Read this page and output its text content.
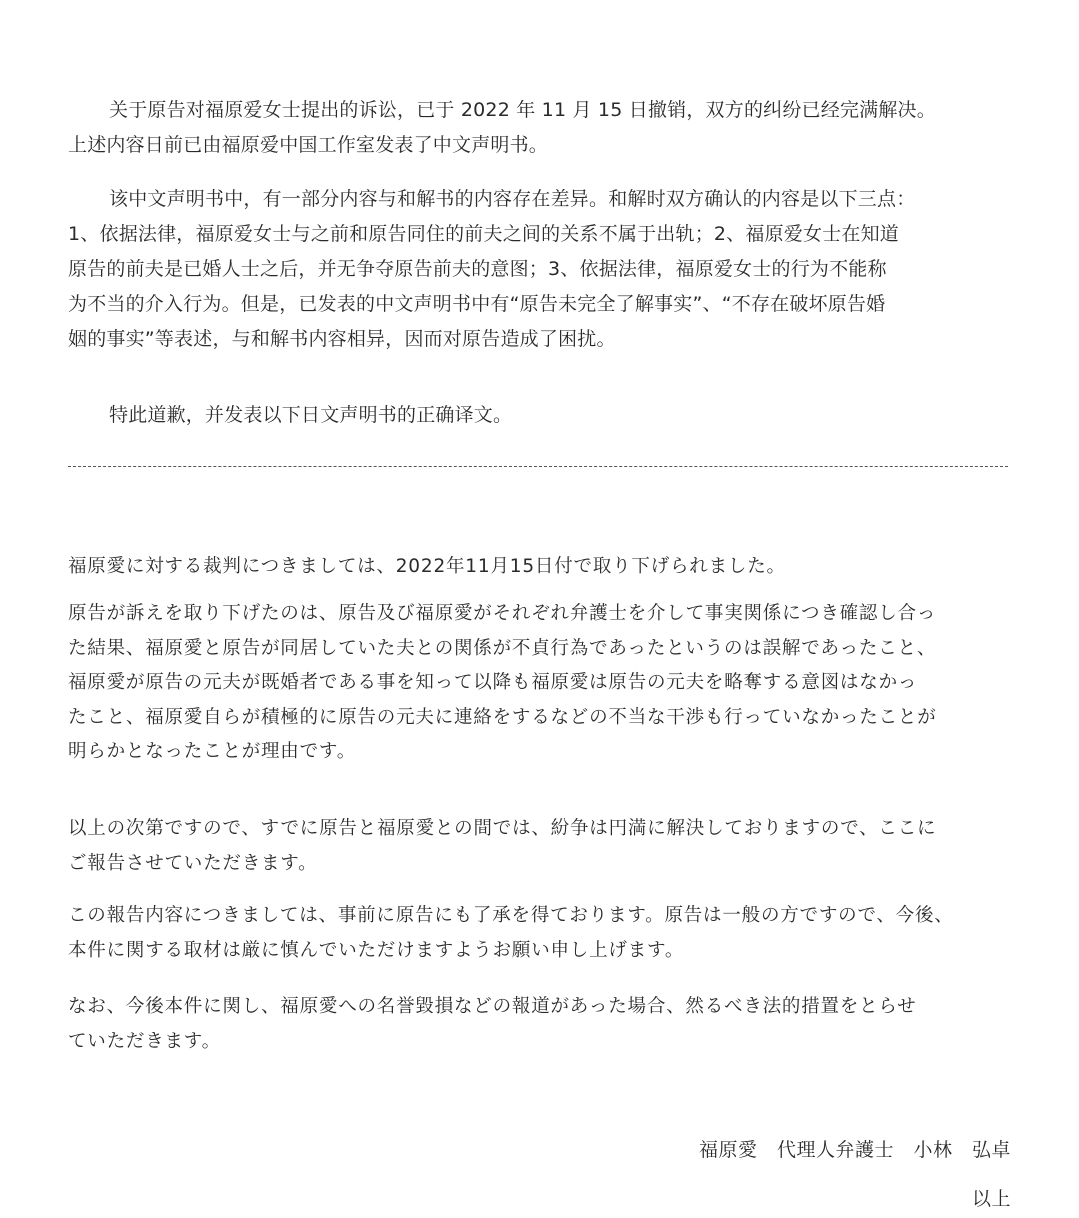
关于原告对福原爱女士提出的诉讼，已于 2022 年 11 月 15 日撤销，双方的纠纷已经完满解决。
上述内容日前已由福原爱中国工作室发表了中文声明书。

该中文声明书中，有一部分内容与和解书的内容存在差异。和解时双方确认的内容是以下三点：
1、依据法律，福原爱女士与之前和原告同住的前夫之间的关系不属于出轨；2、福原爱女士在知道
原告的前夫是已婚人士之后，并无争夺原告前夫的意图；3、依据法律，福原爱女士的行为不能称
为不当的介入行为。但是，已发表的中文声明书中有“原告未完全了解事实”、“不存在破坏原告婚
姻的事实”等表述，与和解书内容相异，因而对原告造成了困扰。

特此道歉，并发表以下日文声明书的正确译文。

福原愛に対する裁判につきましては、2022年11月15日付で取り下げられました。

原告が訴えを取り下げたのは、原告及び福原愛がそれぞれ弁護士を介して事実関係につき確認し合っ
た結果、福原愛と原告が同居していた夫との関係が不貞行為であったというのは誤解であったこと、
福原愛が原告の元夫が既婚者である事を知って以降も福原愛は原告の元夫を略奪する意図はなかっ
たこと、福原愛自らが積極的に原告の元夫に連絡をするなどの不当な干渉も行っていなかったことが
明らかとなったことが理由です。

以上の次第ですので、すでに原告と福原愛との間では、紛争は円満に解決しておりますので、ここに
ご報告させていただきます。

この報告内容につきましては、事前に原告にも了承を得ております。原告は一般の方ですので、今後、
本件に関する取材は厳に慎んでいただけますようお願い申し上げます。

なお、今後本件に関し、福原愛への名誉毀損などの報道があった場合、然るべき法的措置をとらせ
ていただきます。

福原愛　代理人弁護士　小林　弘卓
以上
